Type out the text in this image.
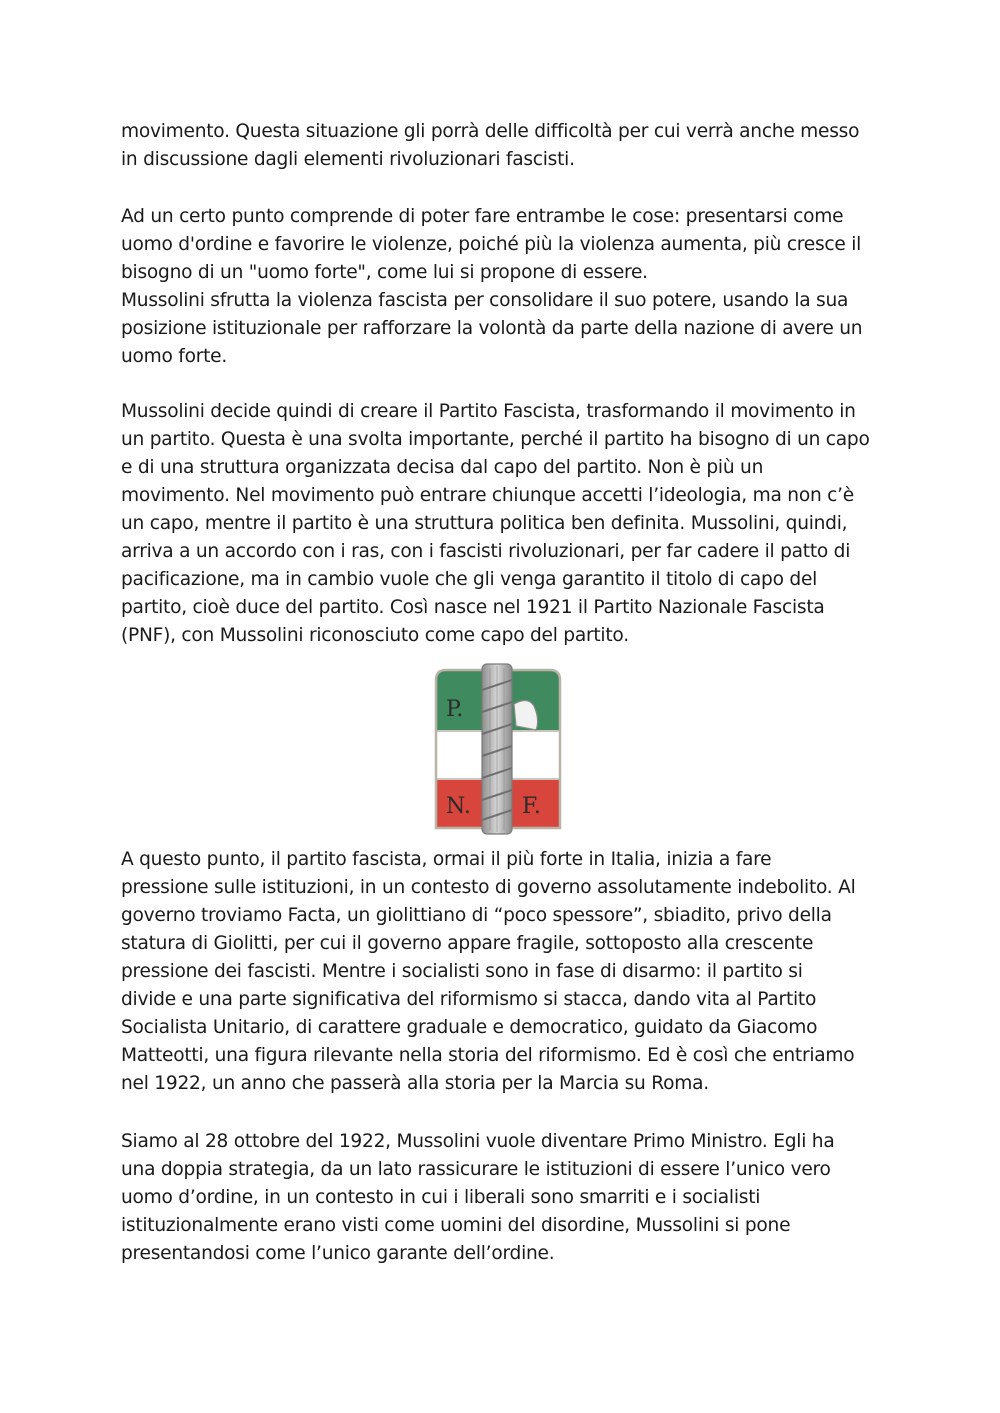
movimento. Questa situazione gli porrà delle difficoltà per cui verrà anche messo
in discussione dagli elementi rivoluzionari fascisti.

Ad un certo punto comprende di poter fare entrambe le cose: presentarsi come
uomo d'ordine e favorire le violenze, poiché più la violenza aumenta, più cresce il
bisogno di un "uomo forte", come lui si propone di essere.
Mussolini sfrutta la violenza fascista per consolidare il suo potere, usando la sua
posizione istituzionale per rafforzare la volontà da parte della nazione di avere un
uomo forte.

Mussolini decide quindi di creare il Partito Fascista, trasformando il movimento in
un partito. Questa è una svolta importante, perché il partito ha bisogno di un capo
e di una struttura organizzata decisa dal capo del partito. Non è più un
movimento. Nel movimento può entrare chiunque accetti l’ideologia, ma non c’è
un capo, mentre il partito è una struttura politica ben definita. Mussolini, quindi,
arriva a un accordo con i ras, con i fascisti rivoluzionari, per far cadere il patto di
pacificazione, ma in cambio vuole che gli venga garantito il titolo di capo del
partito, cioè duce del partito. Così nasce nel 1921 il Partito Nazionale Fascista
(PNF), con Mussolini riconosciuto come capo del partito.

P.
N. F.

A questo punto, il partito fascista, ormai il più forte in Italia, inizia a fare
pressione sulle istituzioni, in un contesto di governo assolutamente indebolito. Al
governo troviamo Facta, un giolittiano di “poco spessore”, sbiadito, privo della
statura di Giolitti, per cui il governo appare fragile, sottoposto alla crescente
pressione dei fascisti. Mentre i socialisti sono in fase di disarmo: il partito si
divide e una parte significativa del riformismo si stacca, dando vita al Partito
Socialista Unitario, di carattere graduale e democratico, guidato da Giacomo
Matteotti, una figura rilevante nella storia del riformismo. Ed è così che entriamo
nel 1922, un anno che passerà alla storia per la Marcia su Roma.

Siamo al 28 ottobre del 1922, Mussolini vuole diventare Primo Ministro. Egli ha
una doppia strategia, da un lato rassicurare le istituzioni di essere l’unico vero
uomo d’ordine, in un contesto in cui i liberali sono smarriti e i socialisti
istituzionalmente erano visti come uomini del disordine, Mussolini si pone
presentandosi come l’unico garante dell’ordine.
